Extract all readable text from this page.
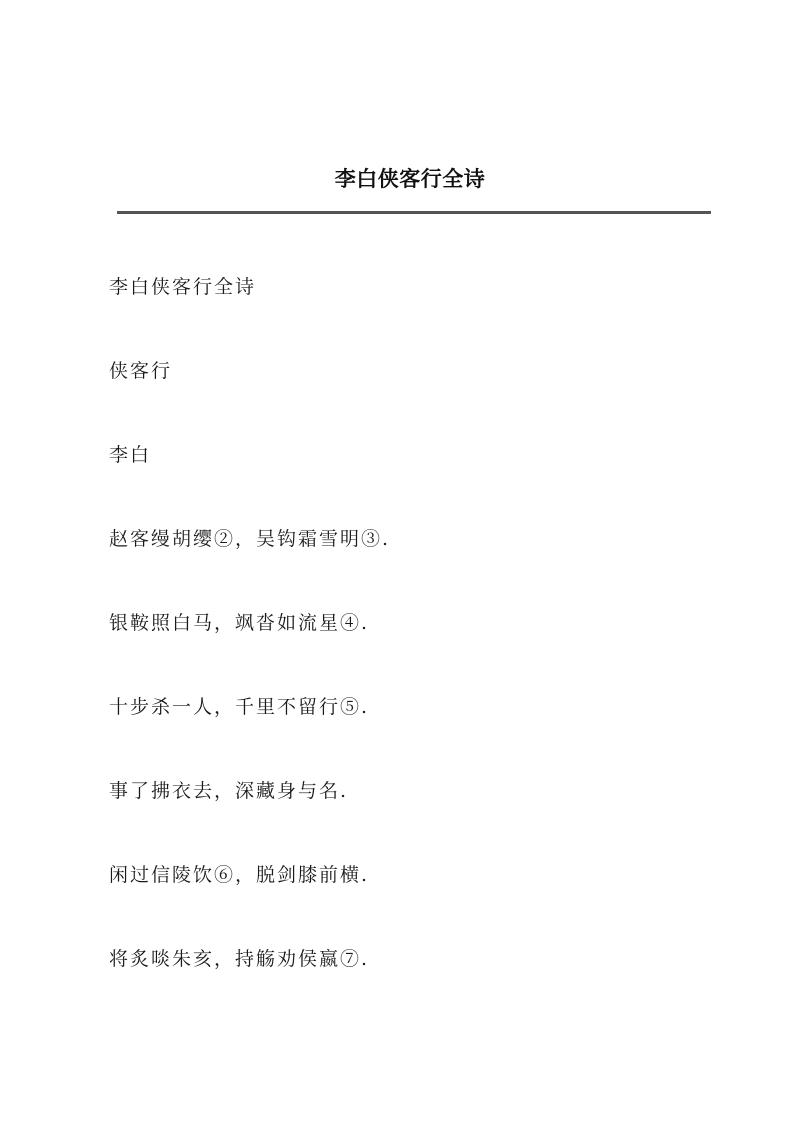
李白侠客行全诗
李白侠客行全诗
侠客行
李白
赵客缦胡缨②，吴钩霜雪明③.
银鞍照白马，飒沓如流星④.
十步杀一人，千里不留行⑤.
事了拂衣去，深藏身与名.
闲过信陵饮⑥，脱剑膝前横.
将炙啖朱亥，持觞劝侯嬴⑦.
